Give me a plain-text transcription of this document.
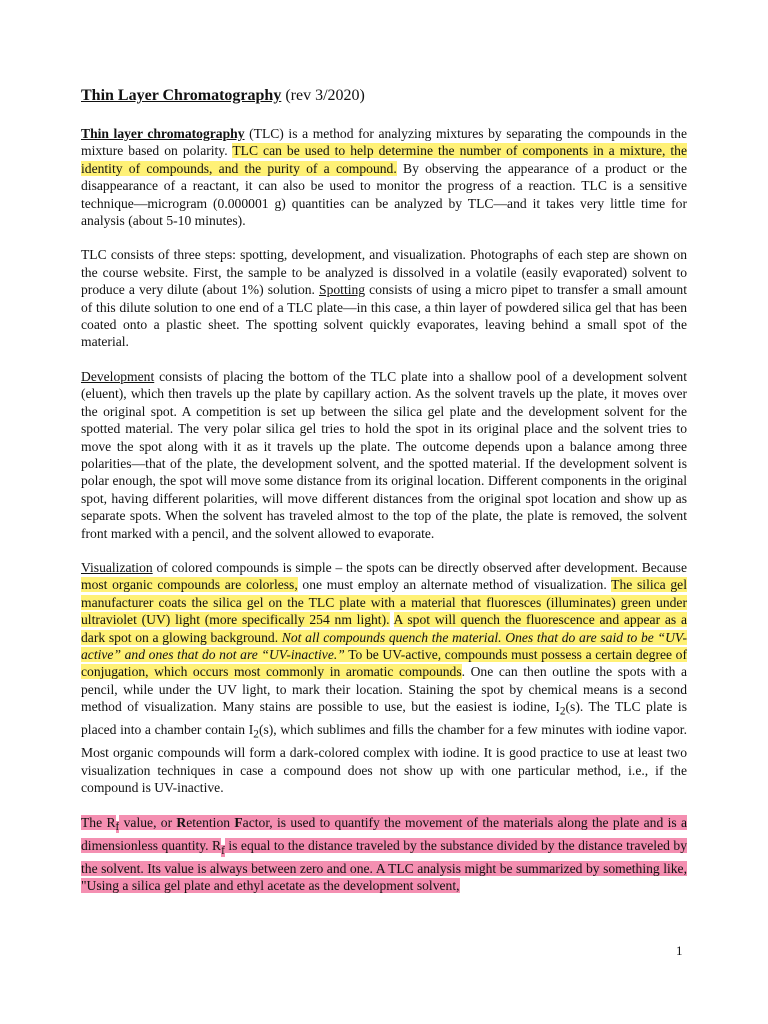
Thin Layer Chromatography (rev 3/2020)

Thin layer chromatography (TLC) is a method for analyzing mixtures by separating the compounds in the mixture based on polarity. TLC can be used to help determine the number of components in a mixture, the identity of compounds, and the purity of a compound. By observing the appearance of a product or the disappearance of a reactant, it can also be used to monitor the progress of a reaction. TLC is a sensitive technique—microgram (0.000001 g) quantities can be analyzed by TLC—and it takes very little time for analysis (about 5-10 minutes).

TLC consists of three steps: spotting, development, and visualization. Photographs of each step are shown on the course website. First, the sample to be analyzed is dissolved in a volatile (easily evaporated) solvent to produce a very dilute (about 1%) solution. Spotting consists of using a micro pipet to transfer a small amount of this dilute solution to one end of a TLC plate—in this case, a thin layer of powdered silica gel that has been coated onto a plastic sheet. The spotting solvent quickly evaporates, leaving behind a small spot of the material.

Development consists of placing the bottom of the TLC plate into a shallow pool of a development solvent (eluent), which then travels up the plate by capillary action. As the solvent travels up the plate, it moves over the original spot. A competition is set up between the silica gel plate and the development solvent for the spotted material. The very polar silica gel tries to hold the spot in its original place and the solvent tries to move the spot along with it as it travels up the plate. The outcome depends upon a balance among three polarities—that of the plate, the development solvent, and the spotted material. If the development solvent is polar enough, the spot will move some distance from its original location. Different components in the original spot, having different polarities, will move different distances from the original spot location and show up as separate spots. When the solvent has traveled almost to the top of the plate, the plate is removed, the solvent front marked with a pencil, and the solvent allowed to evaporate.

Visualization of colored compounds is simple – the spots can be directly observed after development. Because most organic compounds are colorless, one must employ an alternate method of visualization. The silica gel manufacturer coats the silica gel on the TLC plate with a material that fluoresces (illuminates) green under ultraviolet (UV) light (more specifically 254 nm light). A spot will quench the fluorescence and appear as a dark spot on a glowing background. Not all compounds quench the material. Ones that do are said to be “UV-active” and ones that do not are “UV-inactive.” To be UV-active, compounds must possess a certain degree of conjugation, which occurs most commonly in aromatic compounds. One can then outline the spots with a pencil, while under the UV light, to mark their location. Staining the spot by chemical means is a second method of visualization. Many stains are possible to use, but the easiest is iodine, $I_2(s)$. The TLC plate is placed into a chamber contain $I_2(s)$, which sublimes and fills the chamber for a few minutes with iodine vapor. Most organic compounds will form a dark-colored complex with iodine. It is good practice to use at least two visualization techniques in case a compound does not show up with one particular method, i.e., if the compound is UV-inactive.

The $R_f$ value, or Retention Factor, is used to quantify the movement of the materials along the plate and is a dimensionless quantity. $R_f$ is equal to the distance traveled by the substance divided by the distance traveled by the solvent. Its value is always between zero and one. A TLC analysis might be summarized by something like, "Using a silica gel plate and ethyl acetate as the development solvent,

1
